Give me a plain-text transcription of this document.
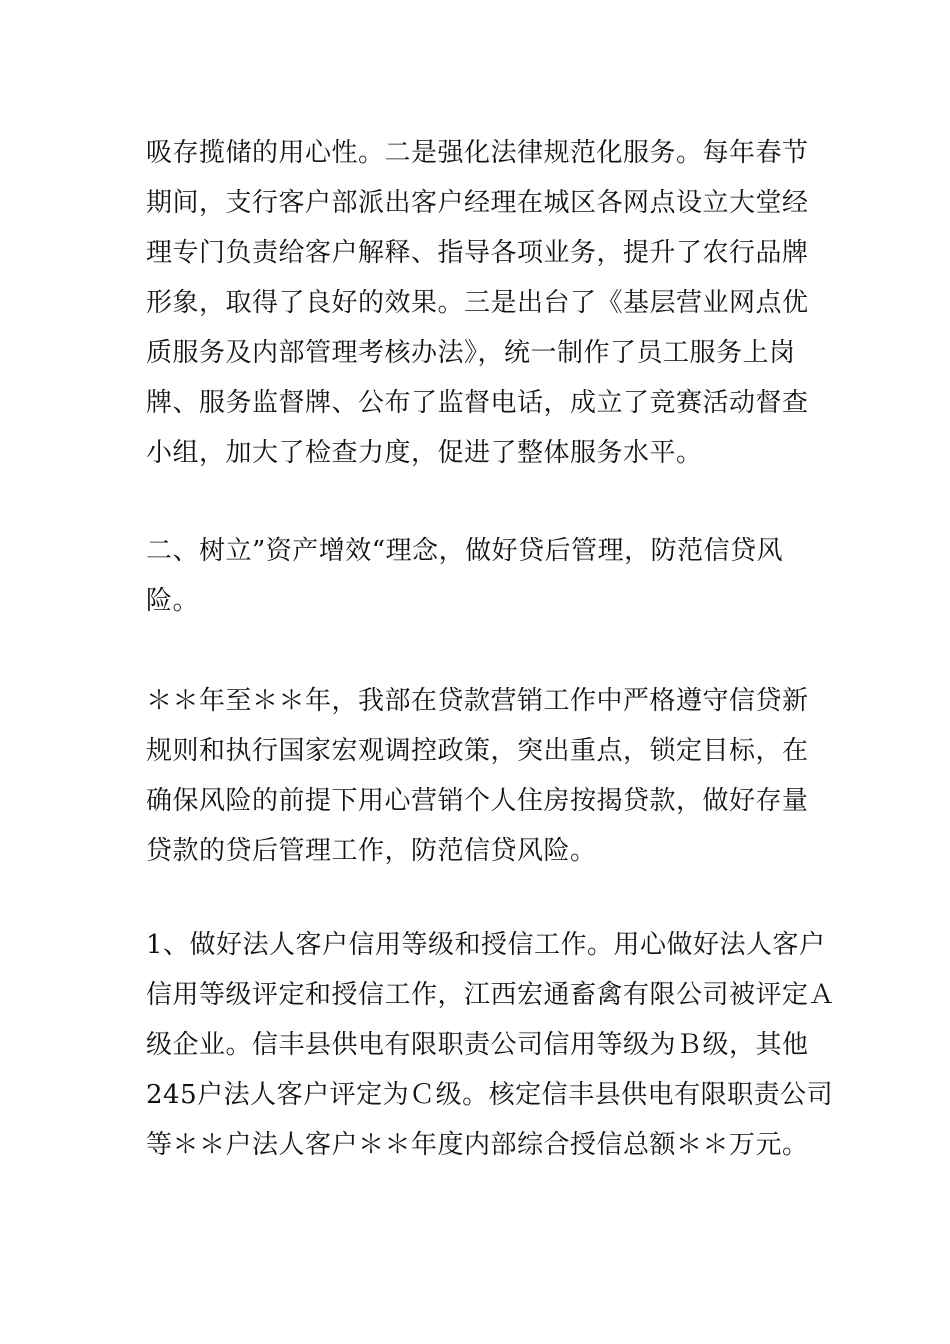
吸存揽储的用心性。二是强化法律规范化服务。每年春节
期间，支行客户部派出客户经理在城区各网点设立大堂经
理专门负责给客户解释、指导各项业务，提升了农行品牌
形象，取得了良好的效果。三是出台了《基层营业网点优
质服务及内部管理考核办法》，统一制作了员工服务上岗
牌、服务监督牌、公布了监督电话，成立了竞赛活动督查
小组，加大了检查力度，促进了整体服务水平。
二、树立”资产增效“理念，做好贷后管理，防范信贷风
险。
＊＊年至＊＊年，我部在贷款营销工作中严格遵守信贷新
规则和执行国家宏观调控政策，突出重点，锁定目标，在
确保风险的前提下用心营销个人住房按揭贷款，做好存量
贷款的贷后管理工作，防范信贷风险。
1、做好法人客户信用等级和授信工作。用心做好法人客户
信用等级评定和授信工作，江西宏通畜禽有限公司被评定Ａ
级企业。信丰县供电有限职责公司信用等级为Ｂ级，其他
245户法人客户评定为Ｃ级。核定信丰县供电有限职责公司
等＊＊户法人客户＊＊年度内部综合授信总额＊＊万元。
